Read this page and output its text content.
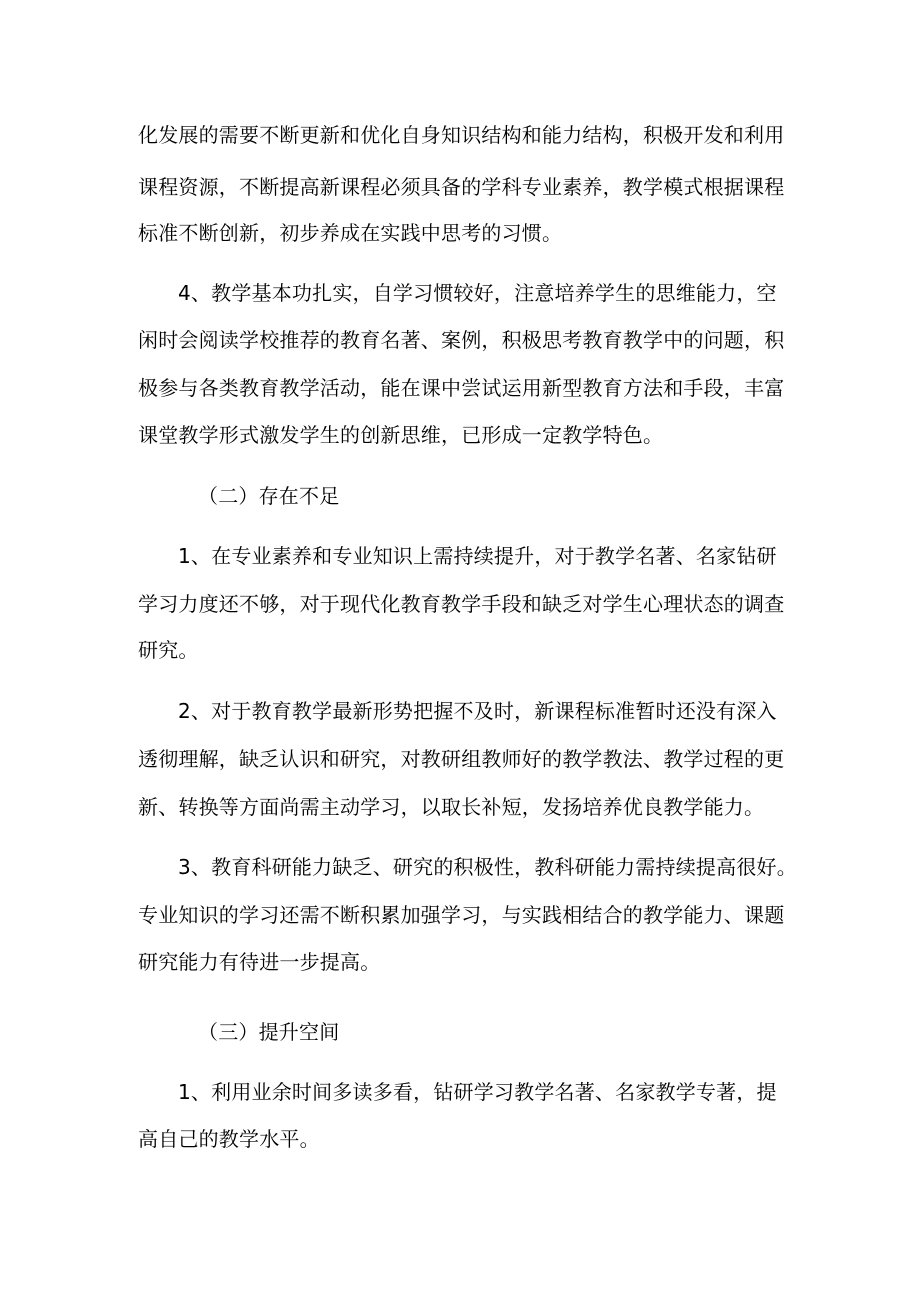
化发展的需要不断更新和优化自身知识结构和能力结构，积极开发和利用
课程资源，不断提高新课程必须具备的学科专业素养，教学模式根据课程
标准不断创新，初步养成在实践中思考的习惯。
4、教学基本功扎实，自学习惯较好，注意培养学生的思维能力，空
闲时会阅读学校推荐的教育名著、案例，积极思考教育教学中的问题，积
极参与各类教育教学活动，能在课中尝试运用新型教育方法和手段，丰富
课堂教学形式激发学生的创新思维，已形成一定教学特色。
（二）存在不足
1、在专业素养和专业知识上需持续提升，对于教学名著、名家钻研
学习力度还不够，对于现代化教育教学手段和缺乏对学生心理状态的调查
研究。
2、对于教育教学最新形势把握不及时，新课程标准暂时还没有深入
透彻理解，缺乏认识和研究，对教研组教师好的教学教法、教学过程的更
新、转换等方面尚需主动学习，以取长补短，发扬培养优良教学能力。
3、教育科研能力缺乏、研究的积极性，教科研能力需持续提高很好。
专业知识的学习还需不断积累加强学习，与实践相结合的教学能力、课题
研究能力有待进一步提高。
（三）提升空间
1、利用业余时间多读多看，钻研学习教学名著、名家教学专著，提
高自己的教学水平。
